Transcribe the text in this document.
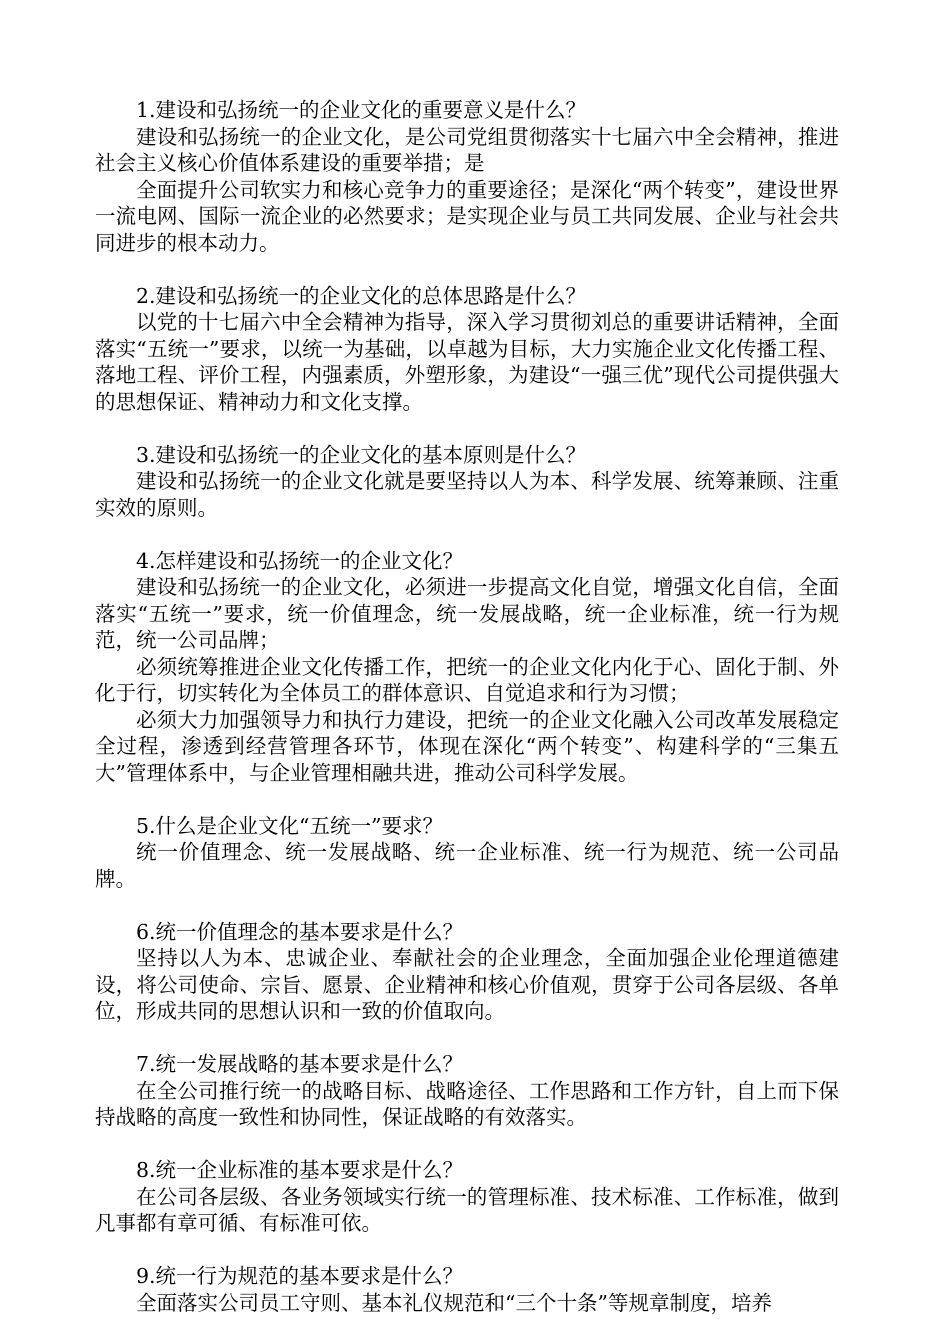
1.建设和弘扬统一的企业文化的重要意义是什么？

建设和弘扬统一的企业文化，是公司党组贯彻落实十七届六中全会精神，推进社会主义核心价值体系建设的重要举措；是

全面提升公司软实力和核心竞争力的重要途径；是深化“两个转变”，建设世界一流电网、国际一流企业的必然要求；是实现企业与员工共同发展、企业与社会共同进步的根本动力。

2.建设和弘扬统一的企业文化的总体思路是什么？

以党的十七届六中全会精神为指导，深入学习贯彻刘总的重要讲话精神，全面落实“五统一”要求，以统一为基础，以卓越为目标，大力实施企业文化传播工程、落地工程、评价工程，内强素质，外塑形象，为建设“一强三优”现代公司提供强大的思想保证、精神动力和文化支撑。

3.建设和弘扬统一的企业文化的基本原则是什么？

建设和弘扬统一的企业文化就是要坚持以人为本、科学发展、统筹兼顾、注重实效的原则。

4.怎样建设和弘扬统一的企业文化？

建设和弘扬统一的企业文化，必须进一步提高文化自觉，增强文化自信，全面落实“五统一”要求，统一价值理念，统一发展战略，统一企业标准，统一行为规范，统一公司品牌；

必须统筹推进企业文化传播工作，把统一的企业文化内化于心、固化于制、外化于行，切实转化为全体员工的群体意识、自觉追求和行为习惯；

必须大力加强领导力和执行力建设，把统一的企业文化融入公司改革发展稳定全过程，渗透到经营管理各环节，体现在深化“两个转变”、构建科学的“三集五大”管理体系中，与企业管理相融共进，推动公司科学发展。

5.什么是企业文化“五统一”要求？

统一价值理念、统一发展战略、统一企业标准、统一行为规范、统一公司品牌。

6.统一价值理念的基本要求是什么？

坚持以人为本、忠诚企业、奉献社会的企业理念，全面加强企业伦理道德建设，将公司使命、宗旨、愿景、企业精神和核心价值观，贯穿于公司各层级、各单位，形成共同的思想认识和一致的价值取向。

7.统一发展战略的基本要求是什么？

在全公司推行统一的战略目标、战略途径、工作思路和工作方针，自上而下保持战略的高度一致性和协同性，保证战略的有效落实。

8.统一企业标准的基本要求是什么？

在公司各层级、各业务领域实行统一的管理标准、技术标准、工作标准，做到凡事都有章可循、有标准可依。

9.统一行为规范的基本要求是什么？

全面落实公司员工守则、基本礼仪规范和“三个十条”等规章制度，培养
